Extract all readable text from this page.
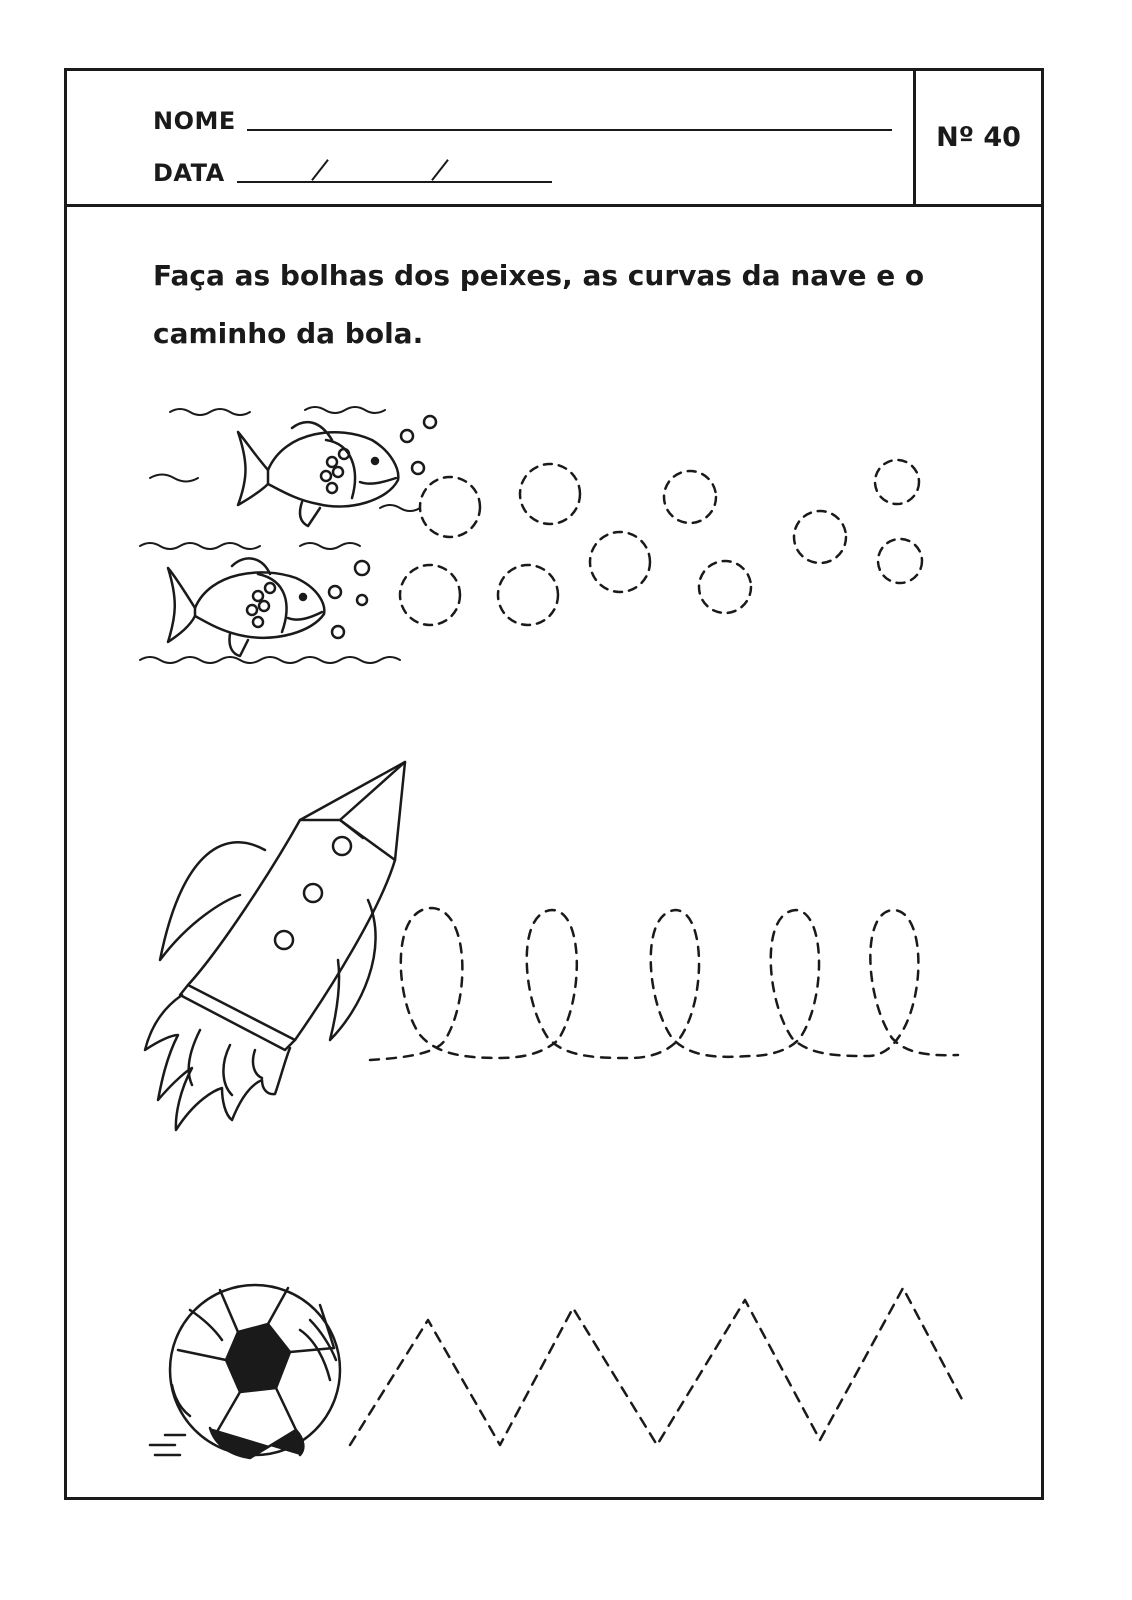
NOME
DATA
Nº 40
Faça as bolhas dos peixes, as curvas da nave e o caminho da bola.
